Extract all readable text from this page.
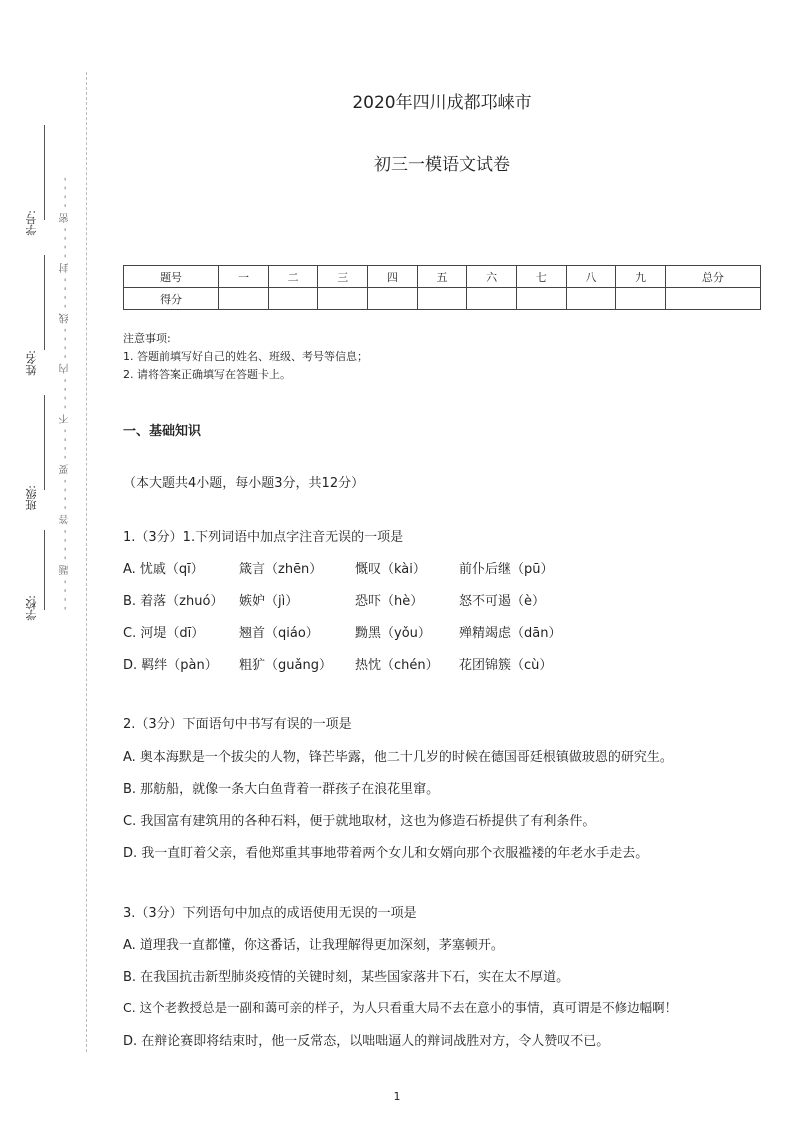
2020年四川成都邛崃市
初三一模语文试卷
学号:
姓名:
班级:
学校: - - - - 题 - - - - 答 - - - - 要 - - - - 不 - - - - 内 - - - - 线 - - - - 封 - - - - 密 - - - -	题号	一	二	三	四	五	六	七	八	九	总分
得分										
注意事项:
1. 答题前填写好自己的姓名、班级、考号等信息；
2. 请将答案正确填写在答题卡上。
一、基础知识
（本大题共4小题，每小题3分，共12分）
1.（3分）1.下列词语中加点字注音无误的一项是
A. 忧戚（qī）	箴言（zhēn）	慨叹（kài）	前仆后继（pū）
B. 着落（zhuó） 嫉妒（jì）	恐吓（hè）	怒不可遏（è）
C. 河堤（dī）	翘首（qiáo）	黝黑（yǒu） 殚精竭虑（dān）
D. 羁绊（pàn） 粗犷（guǎng） 热忱（chén） 花团锦簇（cù）
2.（3分）下面语句中书写有误的一项是
A. 奥本海默是一个拔尖的人物，锋芒毕露，他二十几岁的时候在德国哥廷根镇做玻恩的研究生。
B. 那舫船，就像一条大白鱼背着一群孩子在浪花里窜。
C. 我国富有建筑用的各种石料，便于就地取材，这也为修造石桥提供了有利条件。
D. 我一直盯着父亲，看他郑重其事地带着两个女儿和女婿向那个衣服褴褛的年老水手走去。
3.（3分）下列语句中加点的成语使用无误的一项是
A. 道理我一直都懂，你这番话，让我理解得更加深刻，茅塞顿开。
B. 在我国抗击新型肺炎疫情的关键时刻，某些国家落井下石，实在太不厚道。
C. 这个老教授总是一副和蔼可亲的样子，为人只看重大局不去在意小的事情，真可谓是不修边幅啊！
D. 在辩论赛即将结束时，他一反常态，以咄咄逼人的辩词战胜对方，令人赞叹不已。
1
